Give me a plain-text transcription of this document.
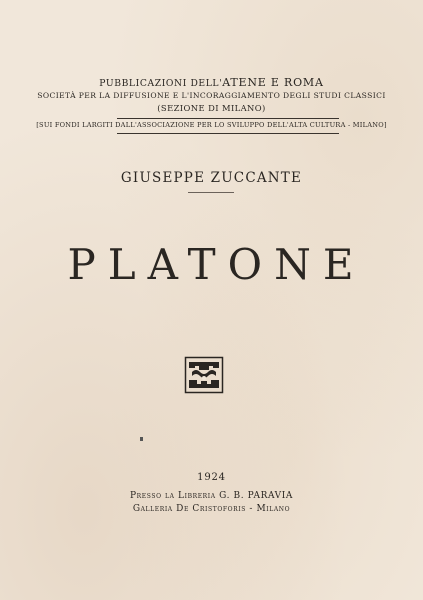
PUBBLICAZIONI DELL'ATENE E ROMA
SOCIETÀ PER LA DIFFUSIONE E L'INCORAGGIAMENTO DEGLI STUDI CLASSICI
(SEZIONE DI MILANO)
[SUI FONDI LARGITI DALL'ASSOCIAZIONE PER LO SVILUPPO DELL'ALTA CULTURA - MILANO]
GIUSEPPE ZUCCANTE
PLATONE
1924
Presso la Libreria G. B. PARAVIA
Galleria De Cristoforis - Milano
